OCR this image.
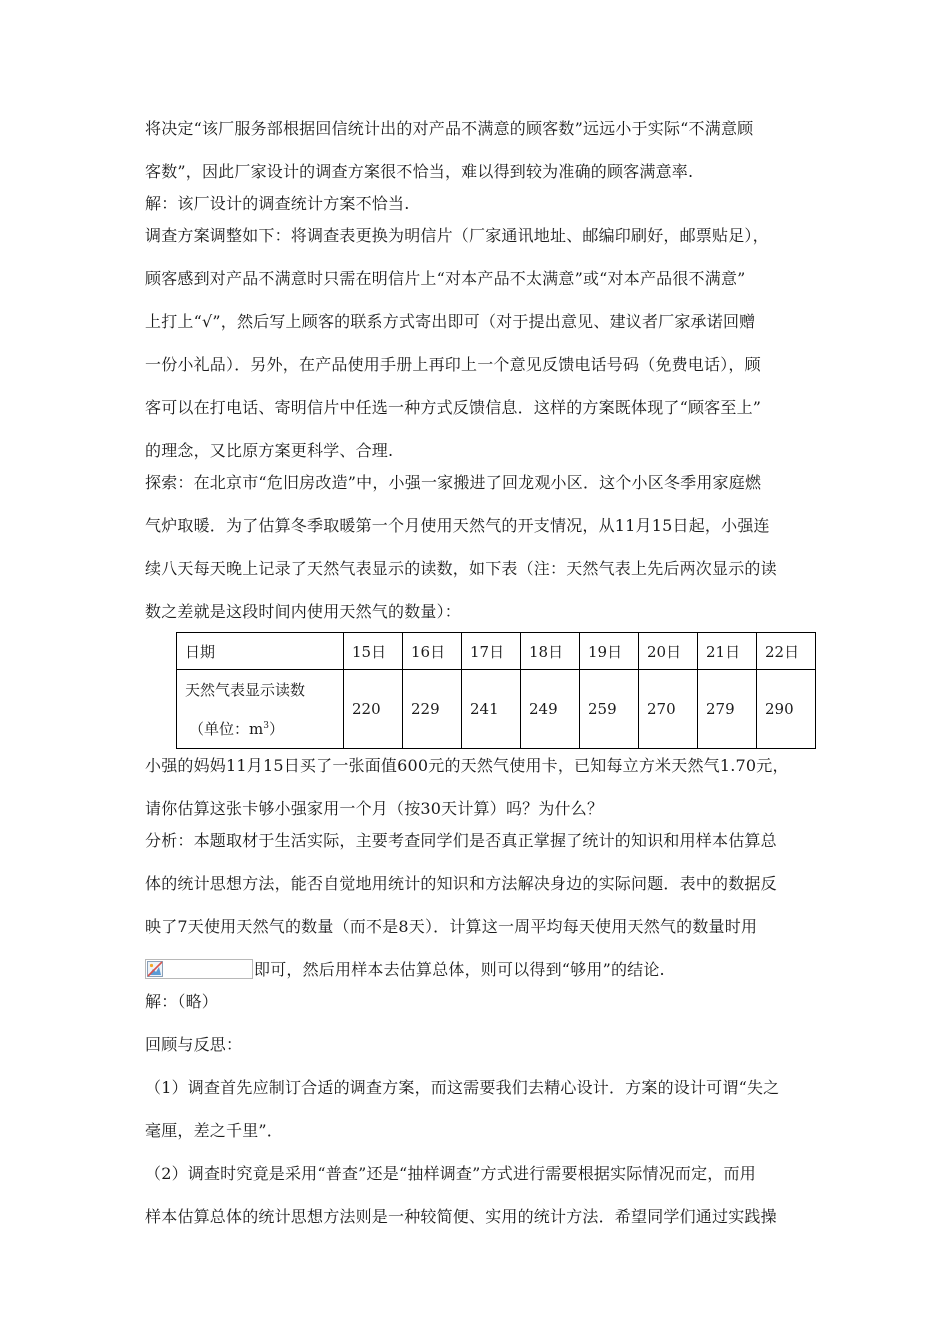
将决定“该厂服务部根据回信统计出的对产品不满意的顾客数”远远小于实际“不满意顾
客数”，因此厂家设计的调查方案很不恰当，难以得到较为准确的顾客满意率.
解：该厂设计的调查统计方案不恰当.
调查方案调整如下：将调查表更换为明信片（厂家通讯地址、邮编印刷好，邮票贴足），
顾客感到对产品不满意时只需在明信片上“对本产品不太满意”或“对本产品很不满意”
上打上“√”，然后写上顾客的联系方式寄出即可（对于提出意见、建议者厂家承诺回赠
一份小礼品）．另外，在产品使用手册上再印上一个意见反馈电话号码（免费电话），顾
客可以在打电话、寄明信片中任选一种方式反馈信息．这样的方案既体现了“顾客至上”
的理念，又比原方案更科学、合理.
探索：在北京市“危旧房改造”中，小强一家搬进了回龙观小区．这个小区冬季用家庭燃
气炉取暖．为了估算冬季取暖第一个月使用天然气的开支情况，从11月15日起，小强连
续八天每天晚上记录了天然气表显示的读数，如下表（注：天然气表上先后两次显示的读
数之差就是这段时间内使用天然气的数量）：
日期	15日	16日	17日	18日	19日	20日	21日	22日

天然气表显示读数
（单位：$m^3$）	220	229	241	249	259	270	279	290
小强的妈妈11月15日买了一张面值600元的天然气使用卡，已知每立方米天然气1.70元，
请你估算这张卡够小强家用一个月（按30天计算）吗？为什么？
分析：本题取材于生活实际，主要考查同学们是否真正掌握了统计的知识和用样本估算总
体的统计思想方法，能否自觉地用统计的知识和方法解决身边的实际问题．表中的数据反
映了7天使用天然气的数量（而不是8天）．计算这一周平均每天使用天然气的数量时用
即可，然后用样本去估算总体，则可以得到“够用”的结论.
解：（略）
回顾与反思：
（1）调查首先应制订合适的调查方案，而这需要我们去精心设计．方案的设计可谓“失之
毫厘，差之千里”．
（2）调查时究竟是采用“普查”还是“抽样调查”方式进行需要根据实际情况而定，而用
样本估算总体的统计思想方法则是一种较简便、实用的统计方法．希望同学们通过实践操
